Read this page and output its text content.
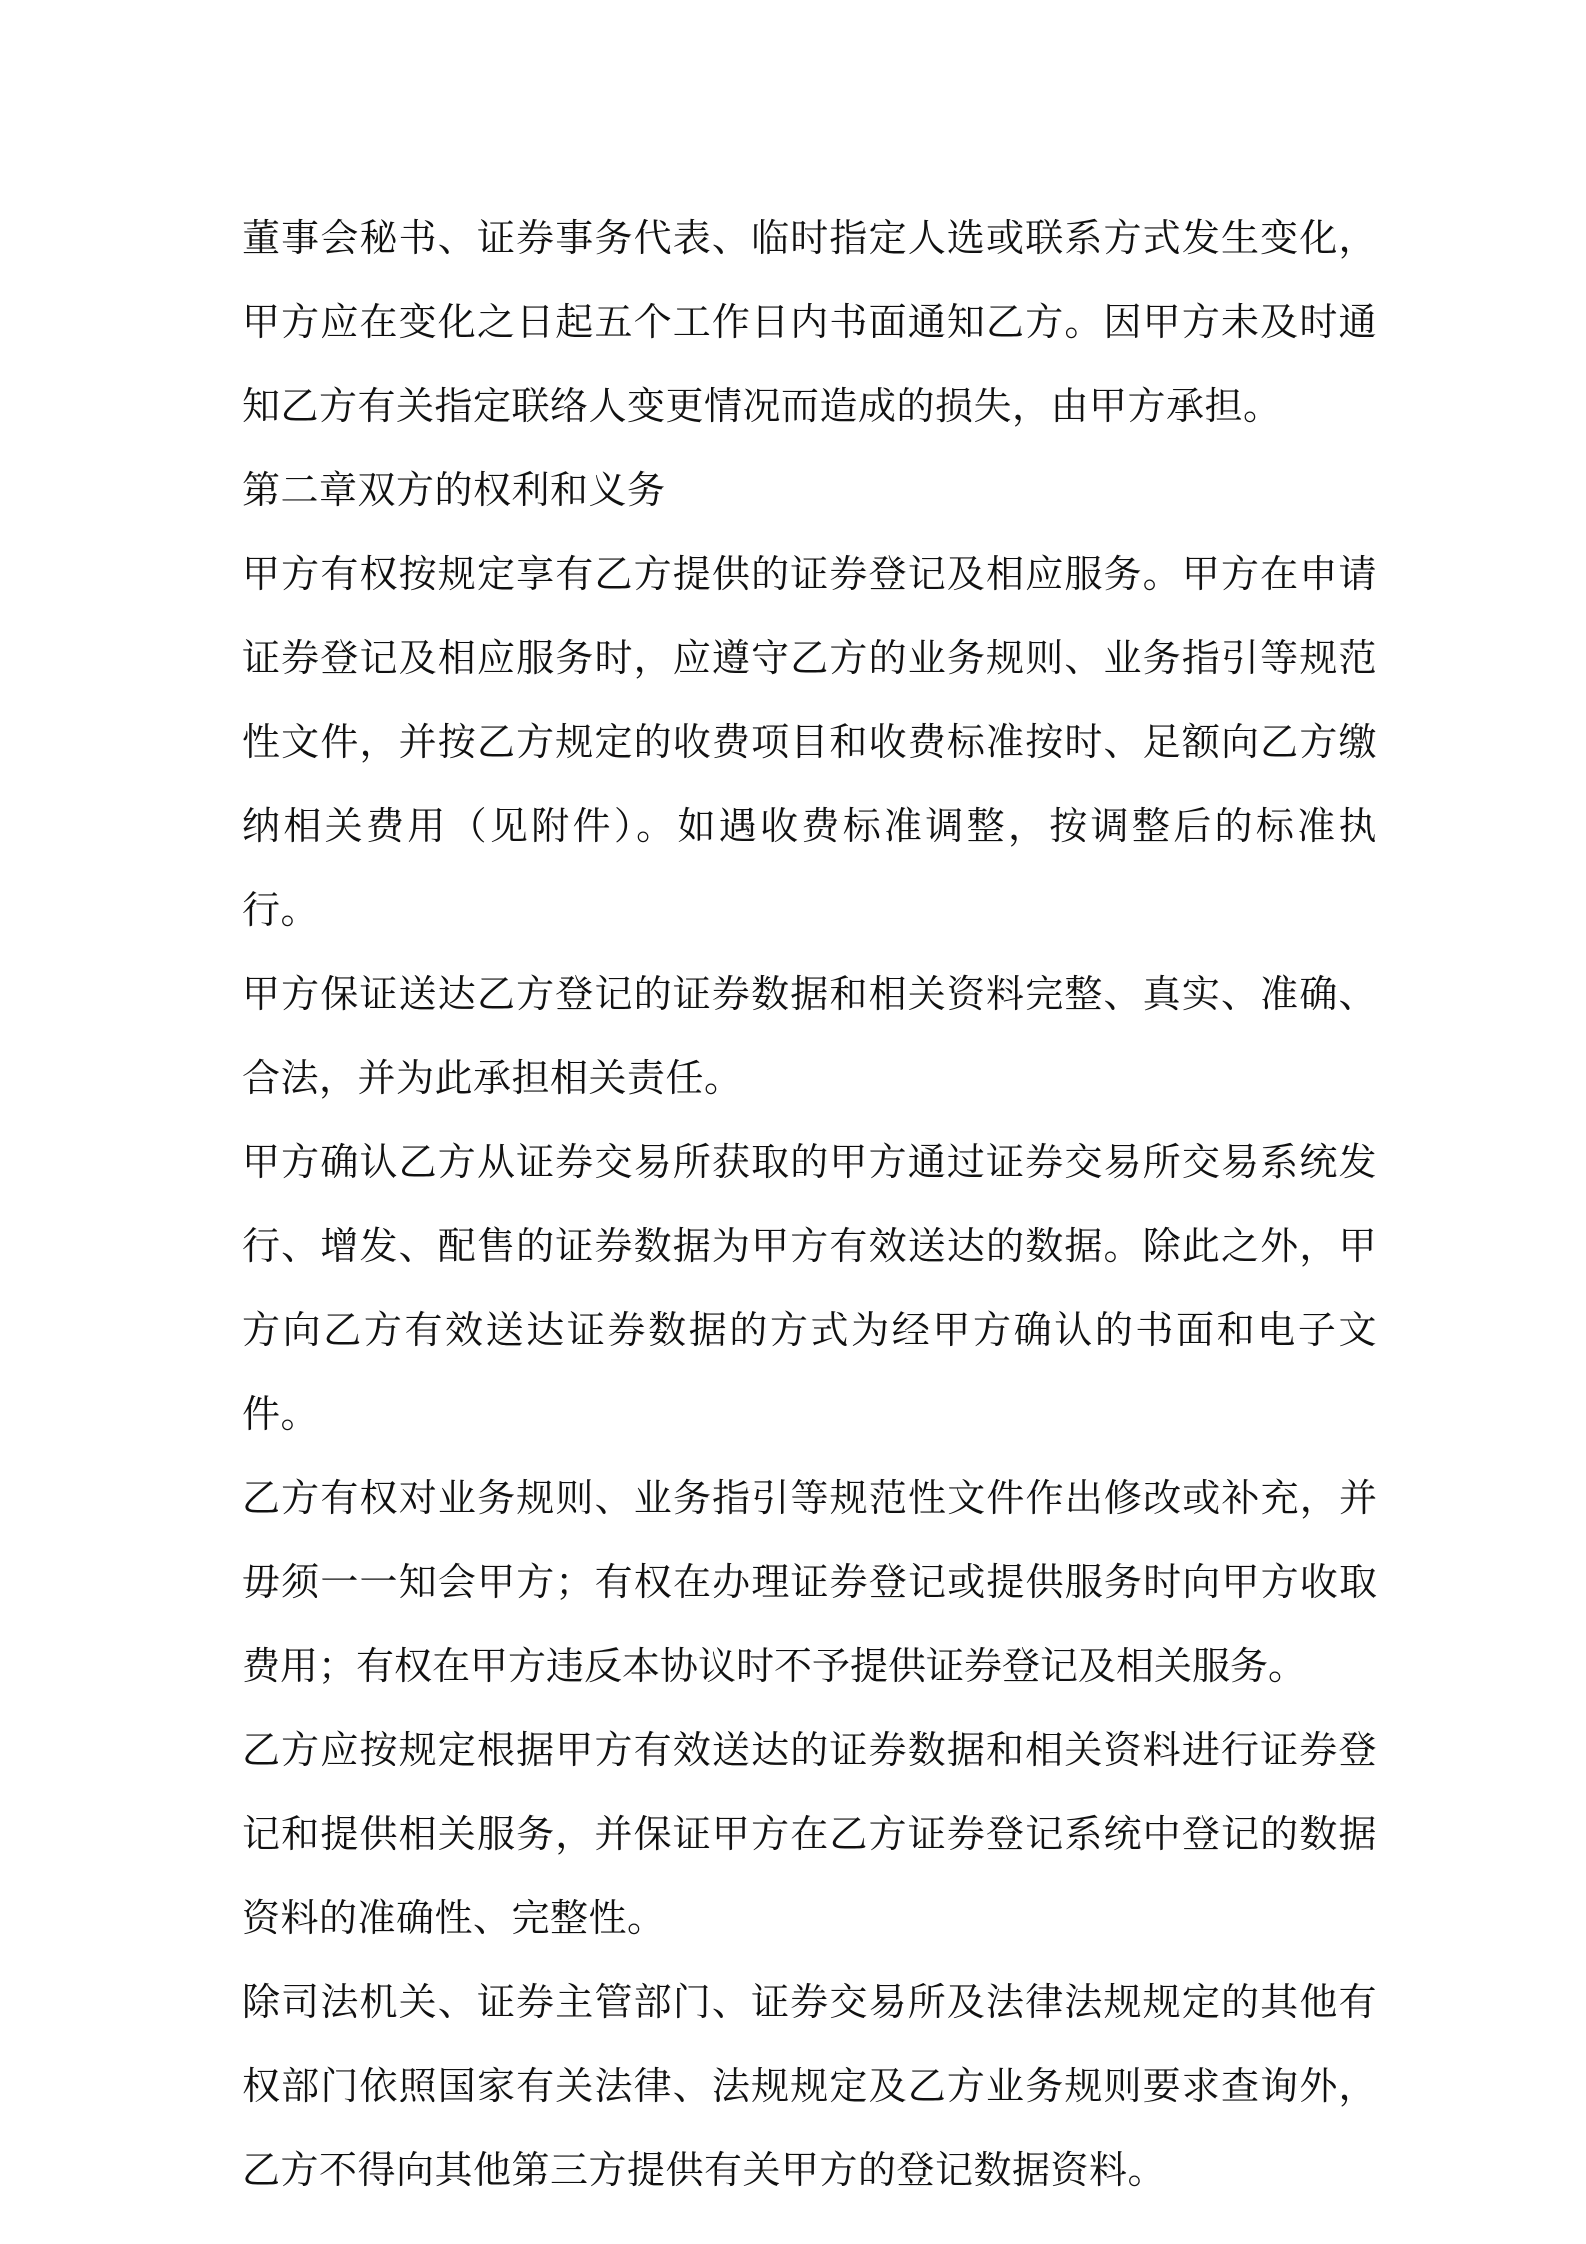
董事会秘书、证券事务代表、临时指定人选或联系方式发生变化，甲方应在变化之日起五个工作日内书面通知乙方。因甲方未及时通知乙方有关指定联络人变更情况而造成的损失，由甲方承担。

第二章双方的权利和义务

甲方有权按规定享有乙方提供的证券登记及相应服务。甲方在申请证券登记及相应服务时，应遵守乙方的业务规则、业务指引等规范性文件，并按乙方规定的收费项目和收费标准按时、足额向乙方缴纳相关费用（见附件）。如遇收费标准调整，按调整后的标准执行。

甲方保证送达乙方登记的证券数据和相关资料完整、真实、准确、合法，并为此承担相关责任。

甲方确认乙方从证券交易所获取的甲方通过证券交易所交易系统发行、增发、配售的证券数据为甲方有效送达的数据。除此之外，甲方向乙方有效送达证券数据的方式为经甲方确认的书面和电子文件。

乙方有权对业务规则、业务指引等规范性文件作出修改或补充，并毋须一一知会甲方；有权在办理证券登记或提供服务时向甲方收取费用；有权在甲方违反本协议时不予提供证券登记及相关服务。

乙方应按规定根据甲方有效送达的证券数据和相关资料进行证券登记和提供相关服务，并保证甲方在乙方证券登记系统中登记的数据资料的准确性、完整性。

除司法机关、证券主管部门、证券交易所及法律法规规定的其他有权部门依照国家有关法律、法规规定及乙方业务规则要求查询外，乙方不得向其他第三方提供有关甲方的登记数据资料。
